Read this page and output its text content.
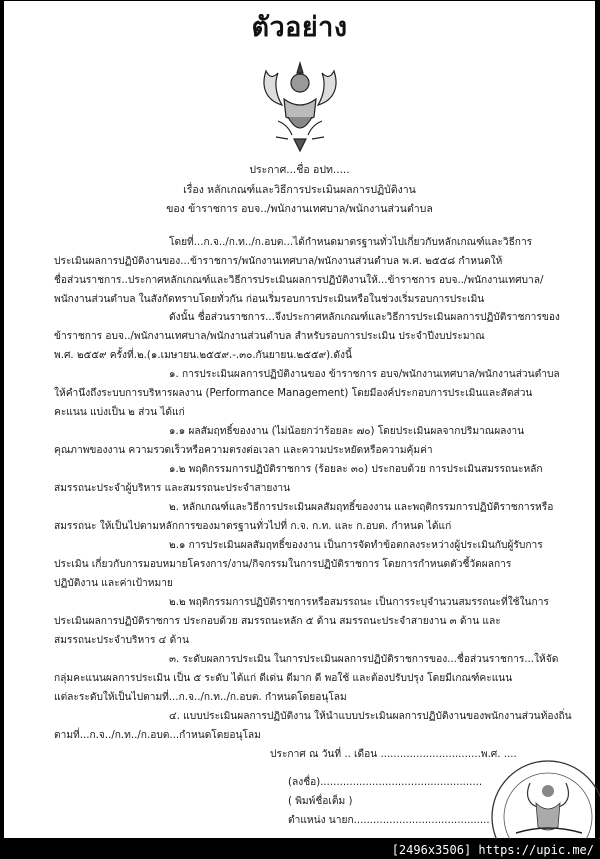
ตัวอย่าง
ประกาศ...ชื่อ อปท.....
เรื่อง หลักเกณฑ์และวิธีการประเมินผลการปฏิบัติงาน
ของ ข้าราชการ อบจ../พนักงานเทศบาล/พนักงานส่วนตำบล
โดยที่...ก.จ../ก.ท../ก.อบต...ได้กำหนดมาตรฐานทั่วไปเกี่ยวกับหลักเกณฑ์และวิธีการ
ประเมินผลการปฏิบัติงานของ...ข้าราชการ/พนักงานเทศบาล/พนักงานส่วนตำบล พ.ศ. ๒๕๕๘ กำหนดให้
ชื่อส่วนราชการ..ประกาศหลักเกณฑ์และวิธีการประเมินผลการปฏิบัติงานให้...ข้าราชการ อบจ../พนักงานเทศบาล/
พนักงานส่วนตำบล ในสังกัดทราบโดยทั่วกัน ก่อนเริ่มรอบการประเมินหรือในช่วงเริ่มรอบการประเมิน
ดังนั้น ชื่อส่วนราชการ...จึงประกาศหลักเกณฑ์และวิธีการประเมินผลการปฏิบัติราชการของ
ข้าราชการ อบจ../พนักงานเทศบาล/พนักงานส่วนตำบล สำหรับรอบการประเมิน ประจำปีงบประมาณ
พ.ศ. ๒๕๕๙ ครั้งที่.๒.(๑.เมษายน.๒๕๕๙.-.๓๐.กันยายน.๒๕๕๙).ดังนี้
๑. การประเมินผลการปฏิบัติงานของ ข้าราชการ อบจ/พนักงานเทศบาล/พนักงานส่วนตำบล
ให้คำนึงถึงระบบการบริหารผลงาน (Performance Management) โดยมีองค์ประกอบการประเมินและสัดส่วน
คะแนน แบ่งเป็น ๒ ส่วน ได้แก่
๑.๑ ผลสัมฤทธิ์ของงาน (ไม่น้อยกว่าร้อยละ ๗๐) โดยประเมินผลจากปริมาณผลงาน
คุณภาพของงาน ความรวดเร็วหรือความตรงต่อเวลา และความประหยัดหรือความคุ้มค่า
๑.๒ พฤติกรรมการปฏิบัติราชการ (ร้อยละ ๓๐) ประกอบด้วย การประเมินสมรรถนะหลัก
สมรรถนะประจำผู้บริหาร และสมรรถนะประจำสายงาน
๒. หลักเกณฑ์และวิธีการประเมินผลสัมฤทธิ์ของงาน และพฤติกรรมการปฏิบัติราชการหรือ
สมรรถนะ ให้เป็นไปตามหลักการของมาตรฐานทั่วไปที่ ก.จ. ก.ท. และ ก.อบต. กำหนด ได้แก่
๒.๑ การประเมินผลสัมฤทธิ์ของงาน เป็นการจัดทำข้อตกลงระหว่างผู้ประเมินกับผู้รับการ
ประเมิน เกี่ยวกับการมอบหมายโครงการ/งาน/กิจกรรมในการปฏิบัติราชการ โดยการกำหนดตัวชี้วัดผลการ
ปฏิบัติงาน และค่าเป้าหมาย
๒.๒ พฤติกรรมการปฏิบัติราชการหรือสมรรถนะ เป็นการระบุจำนวนสมรรถนะที่ใช้ในการ
ประเมินผลการปฏิบัติราชการ ประกอบด้วย สมรรถนะหลัก ๕ ด้าน สมรรถนะประจำสายงาน ๓ ด้าน และ
สมรรถนะประจำบริหาร ๔ ด้าน
๓. ระดับผลการประเมิน ในการประเมินผลการปฏิบัติราชการของ...ชื่อส่วนราชการ...ให้จัด
กลุ่มคะแนนผลการประเมิน เป็น ๕ ระดับ ได้แก่ ดีเด่น ดีมาก ดี พอใช้ และต้องปรับปรุง โดยมีเกณฑ์คะแนน
แต่ละระดับให้เป็นไปตามที่...ก.จ../ก.ท../ก.อบต. กำหนดโดยอนุโลม
๔. แบบประเมินผลการปฏิบัติงาน ให้นำแบบประเมินผลการปฏิบัติงานของพนักงานส่วนท้องถิ่น
ตามที่...ก.จ../ก.ท../ก.อบต...กำหนดโดยอนุโลม
ประกาศ ณ วันที่ .. เดือน ...............................พ.ศ. ....
(ลงชื่อ)..................................................
( พิมพ์ชื่อเต็ม )
ตำแหน่ง นายก..........................................
[2496x3506] https://upic.me/
